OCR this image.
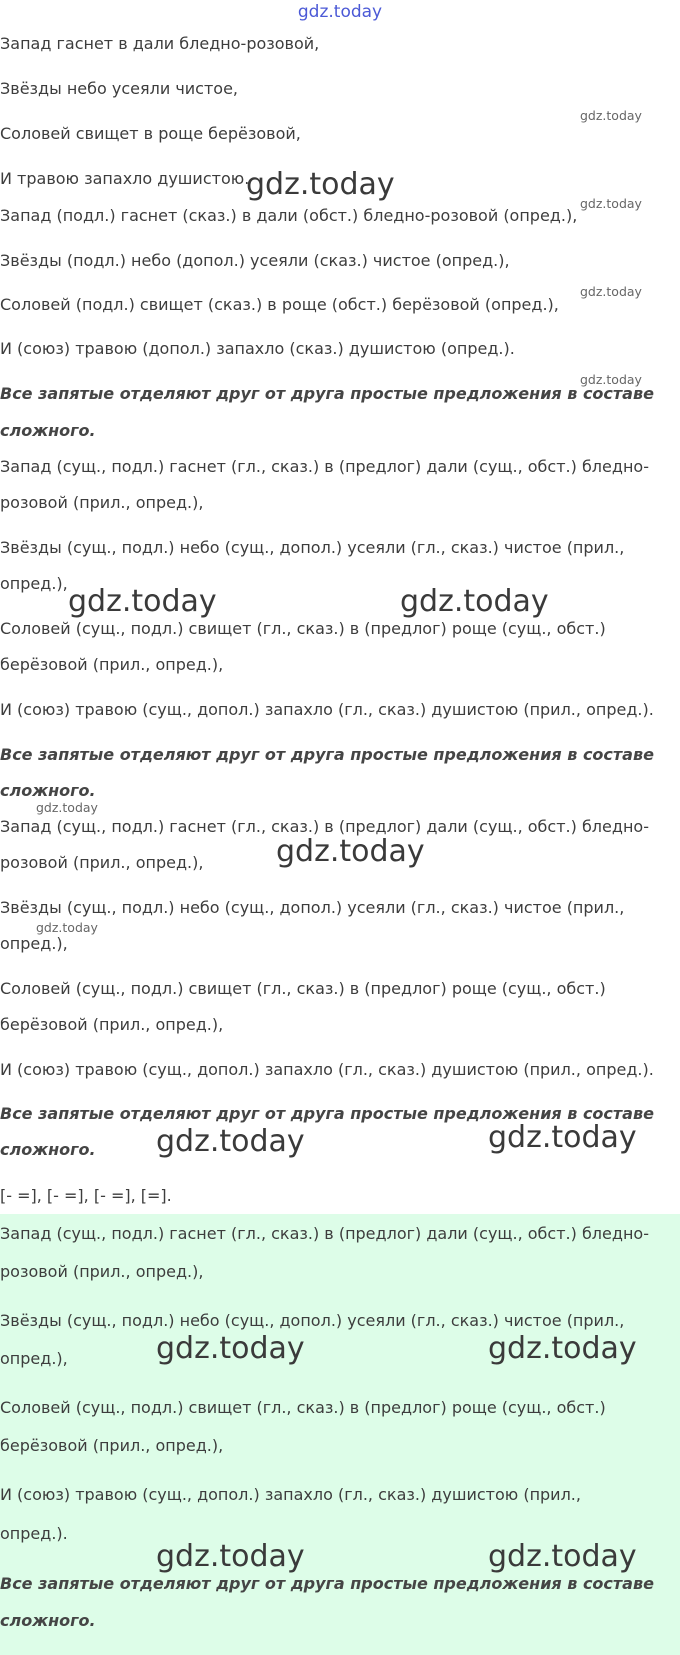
gdz.today
Запад гаснет в дали бледно-розовой,
Звёзды небо усеяли чистое,
Соловей свищет в роще берёзовой,
И травою запахло душистою.
Запад (подл.) гаснет (сказ.) в дали (обст.) бледно-розовой (опред.),
Звёзды (подл.) небо (допол.) усеяли (сказ.) чистое (опред.),
Соловей (подл.) свищет (сказ.) в роще (обст.) берёзовой (опред.),
И (союз) травою (допол.) запахло (сказ.) душистою (опред.).
Все запятые отделяют друг от друга простые предложения в составе
сложного.
Запад (сущ., подл.) гаснет (гл., сказ.) в (предлог) дали (сущ., обст.) бледно-
розовой (прил., опред.),
Звёзды (сущ., подл.) небо (сущ., допол.) усеяли (гл., сказ.) чистое (прил.,
опред.),
Соловей (сущ., подл.) свищет (гл., сказ.) в (предлог) роще (сущ., обст.)
берёзовой (прил., опред.),
И (союз) травою (сущ., допол.) запахло (гл., сказ.) душистою (прил., опред.).
Все запятые отделяют друг от друга простые предложения в составе
сложного.
Запад (сущ., подл.) гаснет (гл., сказ.) в (предлог) дали (сущ., обст.) бледно-
розовой (прил., опред.),
Звёзды (сущ., подл.) небо (сущ., допол.) усеяли (гл., сказ.) чистое (прил.,
опред.),
Соловей (сущ., подл.) свищет (гл., сказ.) в (предлог) роще (сущ., обст.)
берёзовой (прил., опред.),
И (союз) травою (сущ., допол.) запахло (гл., сказ.) душистою (прил., опред.).
Все запятые отделяют друг от друга простые предложения в составе
сложного.
[- =], [- =], [- =], [=].
Запад (сущ., подл.) гаснет (гл., сказ.) в (предлог) дали (сущ., обст.) бледно-
розовой (прил., опред.),
Звёзды (сущ., подл.) небо (сущ., допол.) усеяли (гл., сказ.) чистое (прил.,
опред.),
Соловей (сущ., подл.) свищет (гл., сказ.) в (предлог) роще (сущ., обст.)
берёзовой (прил., опред.),
И (союз) травою (сущ., допол.) запахло (гл., сказ.) душистою (прил.,
опред.).
Все запятые отделяют друг от друга простые предложения в составе
сложного.
gdz.today
gdz.today
gdz.today
gdz.today
gdz.today
gdz.today
gdz.today
gdz.today	gdz.today
gdz.today
gdz.today	gdz.today
gdz.today	gdz.today
gdz.today	gdz.today
